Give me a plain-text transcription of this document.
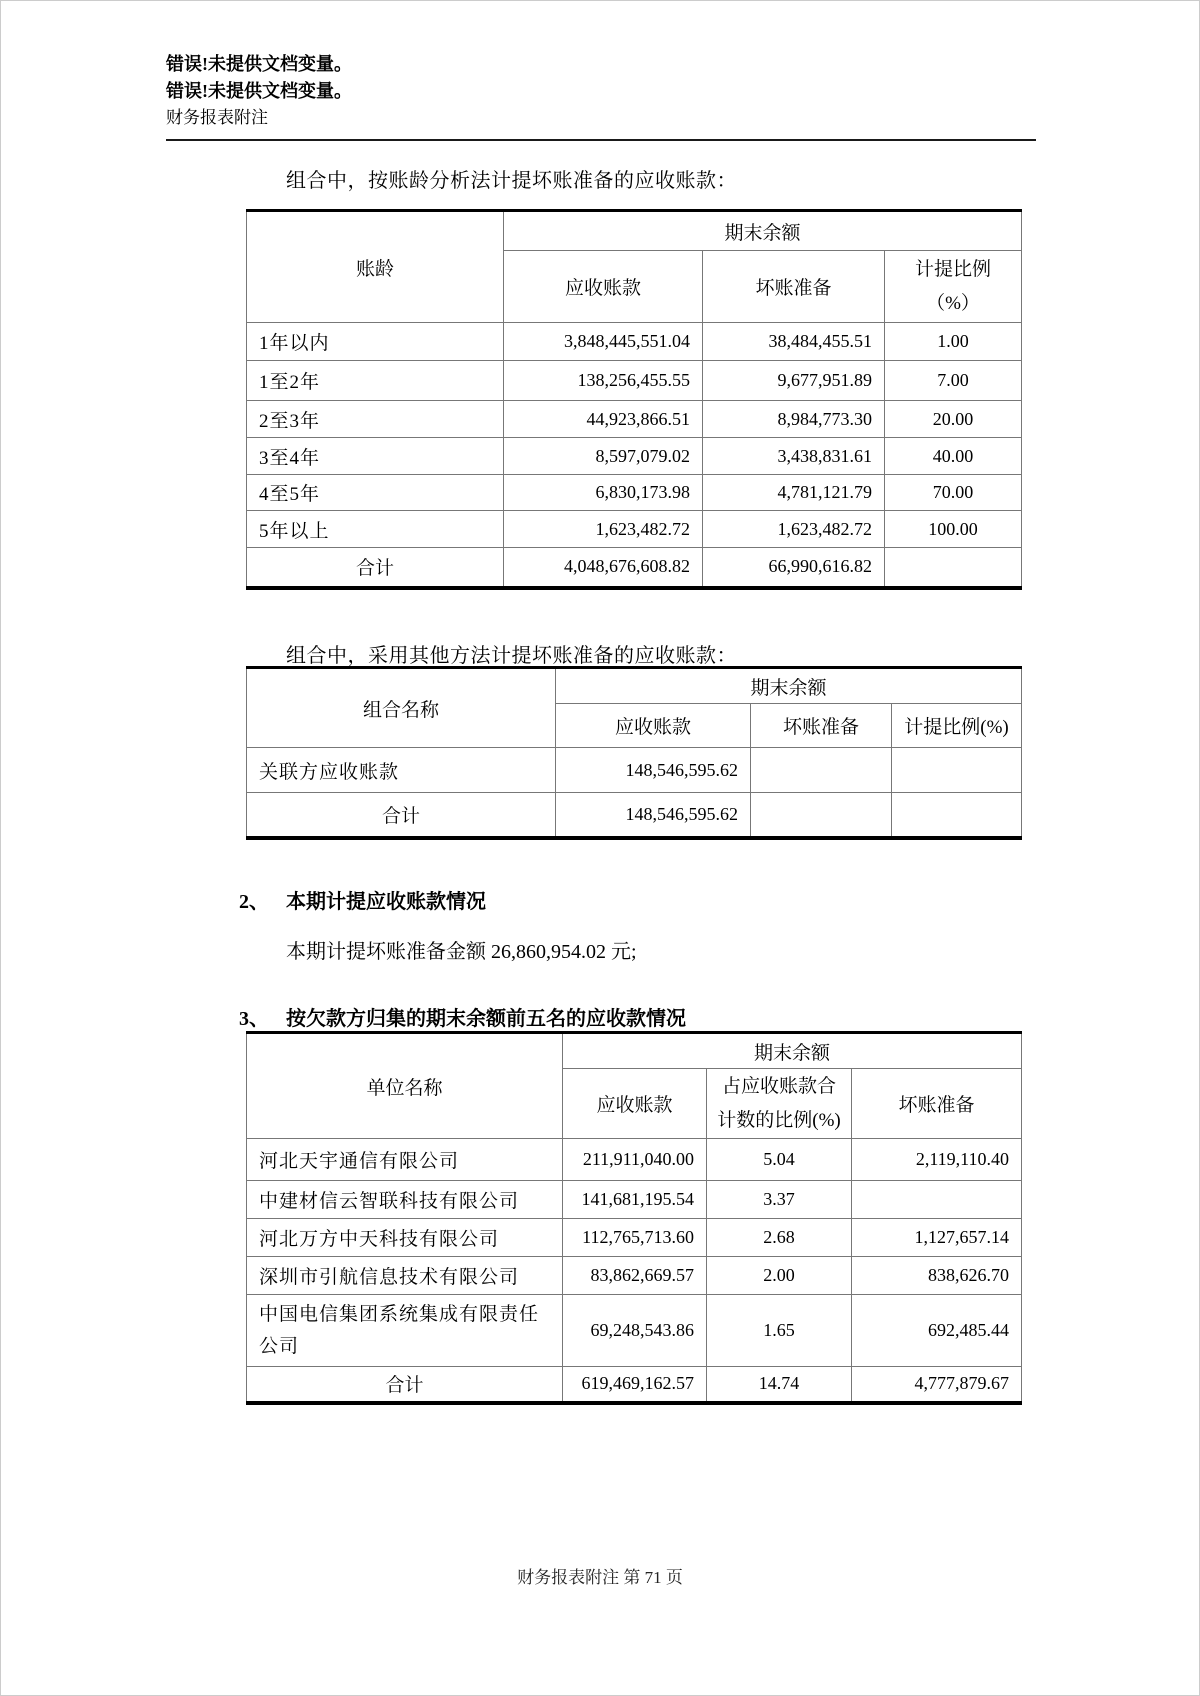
错误!未提供文档变量。
错误!未提供文档变量。
财务报表附注
组合中，按账龄分析法计提坏账准备的应收账款：
账龄	期末余额		
	应收账款	坏账准备	计提比例
（%）

1年以内	3,848,445,551.04	38,484,455.51	1.00
1至2年	138,256,455.55	9,677,951.89	7.00
2至3年	44,923,866.51	8,984,773.30	20.00
3至4年	8,597,079.02	3,438,831.61	40.00
4至5年	6,830,173.98	4,781,121.79	70.00
5年以上	1,623,482.72	1,623,482.72	100.00
合计	4,048,676,608.82	66,990,616.82	
组合中，采用其他方法计提坏账准备的应收账款：
组合名称	期末余额		
	应收账款	坏账准备	计提比例(%)
关联方应收账款	148,546,595.62		
合计	148,546,595.62		
2、 本期计提应收账款情况
本期计提坏账准备金额 26,860,954.02 元;
3、 按欠款方归集的期末余额前五名的应收款情况
单位名称	期末余额		
	应收账款	占应收账款合
计数的比例(%)	坏账准备
河北天宇通信有限公司	211,911,040.00	5.04	2,119,110.40
中建材信云智联科技有限公司	141,681,195.54	3.37	
河北万方中天科技有限公司	112,765,713.60	2.68	1,127,657.14
深圳市引航信息技术有限公司	83,862,669.57	2.00	838,626.70
中国电信集团系统集成有限责任公司	69,248,543.86	1.65	692,485.44
合计	619,469,162.57	14.74	4,777,879.67
财务报表附注 第 71 页
